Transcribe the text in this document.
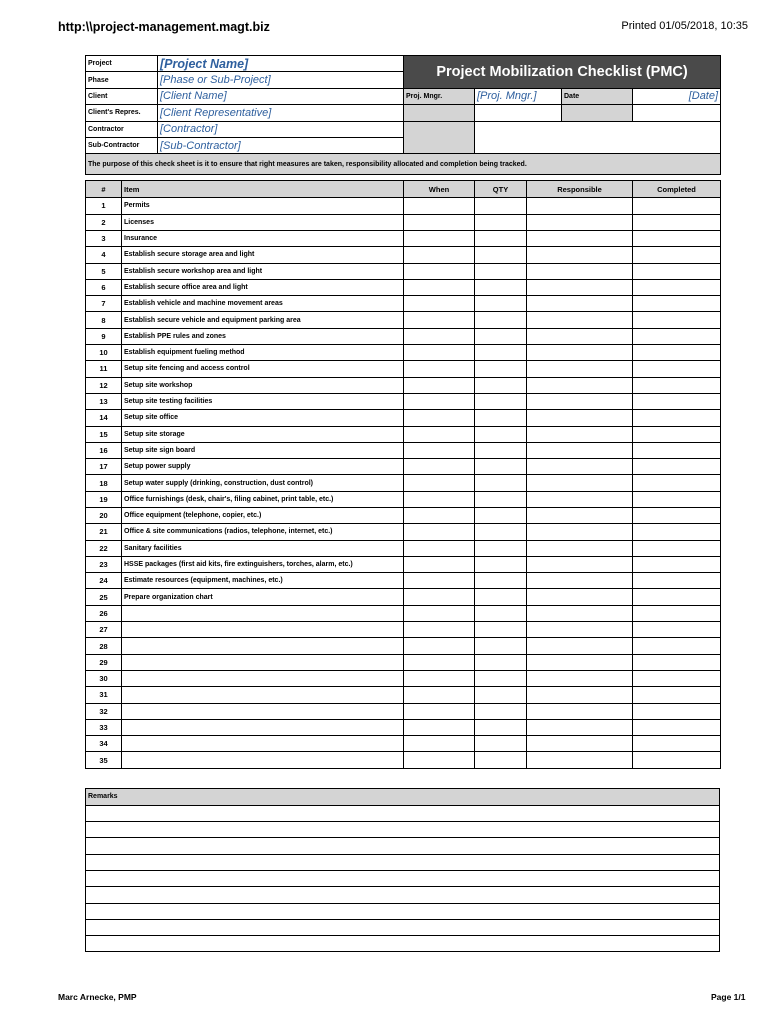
http:\\project-management.magt.biz	Printed 01/05/2018, 10:35
Project	[Project Name]	Project Mobilization Checklist (PMC)			
Phase	[Phase or Sub-Project]				
Client	[Client Name]	Proj. Mngr.	[Proj. Mngr.]	Date	[Date]
Client's Repres.	[Client Representative]				
Contractor	[Contractor]				
Sub-Contractor	[Sub-Contractor]				
The purpose of this check sheet is it to ensure that right measures are taken, responsibility allocated and completion being tracked.					

#	Item	When	QTY	Responsible	Completed
1	Permits				
2	Licenses				
3	Insurance				
4	Establish secure storage area and light				
5	Establish secure workshop area and light				
6	Establish secure office area and light				
7	Establish vehicle and machine movement areas				
8	Establish secure vehicle and equipment parking area				
9	Establish PPE rules and zones				
10	Establish equipment fueling method				
11	Setup site fencing and access control				
12	Setup site workshop				
13	Setup site testing facilities				
14	Setup site office				
15	Setup site storage				
16	Setup site sign board				
17	Setup power supply				
18	Setup water supply (drinking, construction, dust control)				
19	Office furnishings (desk, chair's, filing cabinet, print table, etc.)				
20	Office equipment (telephone, copier, etc.)				
21	Office & site communications (radios, telephone, internet, etc.)				
22	Sanitary facilities				
23	HSSE packages (first aid kits, fire extinguishers, torches, alarm, etc.)				
24	Estimate resources (equipment, machines, etc.)				
25	Prepare organization chart				
26					
27					
28					
29					
30					
31					
32					
33					
34					
35					
Remarks

Marc Arnecke, PMP	Page 1/1
